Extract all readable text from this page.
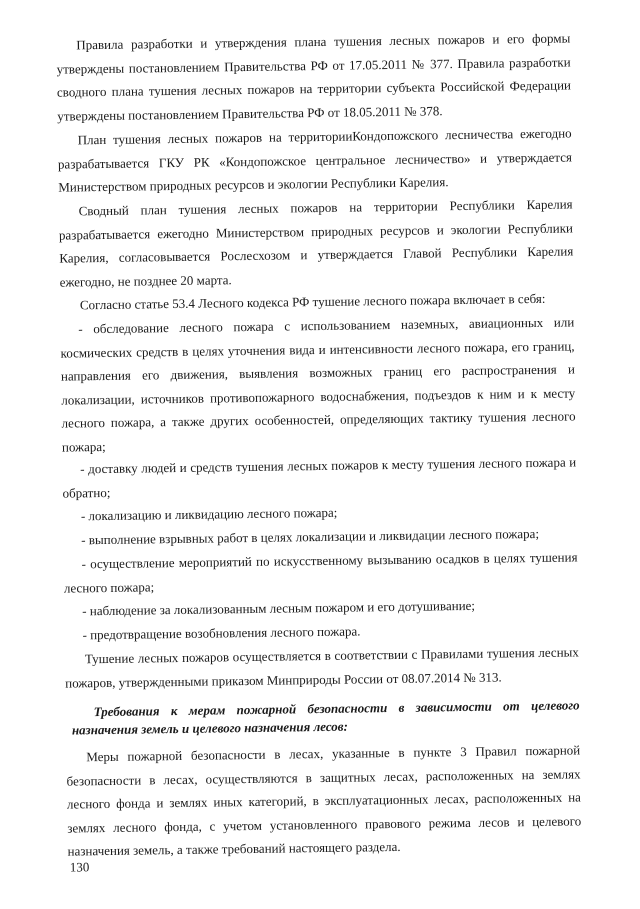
Правила разработки и утверждения плана тушения лесных пожаров и его формы утверждены постановлением Правительства РФ от 17.05.2011 № 377. Правила разработки сводного плана тушения лесных пожаров на территории субъекта Российской Федерации утверждены постановлением Правительства РФ от 18.05.2011 № 378.

План тушения лесных пожаров на территорииКондопожского лесничества ежегодно разрабатывается ГКУ РК «Кондопожское центральное лесничество» и утверждается Министерством природных ресурсов и экологии Республики Карелия.

Сводный план тушения лесных пожаров на территории Республики Карелия разрабатывается ежегодно Министерством природных ресурсов и экологии Республики Карелия, согласовывается Рослесхозом и утверждается Главой Республики Карелия ежегодно, не позднее 20 марта.

Согласно статье 53.4 Лесного кодекса РФ тушение лесного пожара включает в себя:

- обследование лесного пожара с использованием наземных, авиационных или космических средств в целях уточнения вида и интенсивности лесного пожара, его границ, направления его движения, выявления возможных границ его распространения и локализации, источников противопожарного водоснабжения, подъездов к ним и к месту лесного пожара, а также других особенностей, определяющих тактику тушения лесного пожара;

- доставку людей и средств тушения лесных пожаров к месту тушения лесного пожара и обратно;

- локализацию и ликвидацию лесного пожара;

- выполнение взрывных работ в целях локализации и ликвидации лесного пожара;

- осуществление мероприятий по искусственному вызыванию осадков в целях тушения лесного пожара;

- наблюдение за локализованным лесным пожаром и его дотушивание;

- предотвращение возобновления лесного пожара.

Тушение лесных пожаров осуществляется в соответствии с Правилами тушения лесных пожаров, утвержденными приказом Минприроды России от 08.07.2014 № 313.

Требования к мерам пожарной безопасности в зависимости от целевого назначения земель и целевого назначения лесов:

Меры пожарной безопасности в лесах, указанные в пункте 3 Правил пожарной безопасности в лесах, осуществляются в защитных лесах, расположенных на землях лесного фонда и землях иных категорий, в эксплуатационных лесах, расположенных на землях лесного фонда, с учетом установленного правового режима лесов и целевого назначения земель, а также требований настоящего раздела.

130
